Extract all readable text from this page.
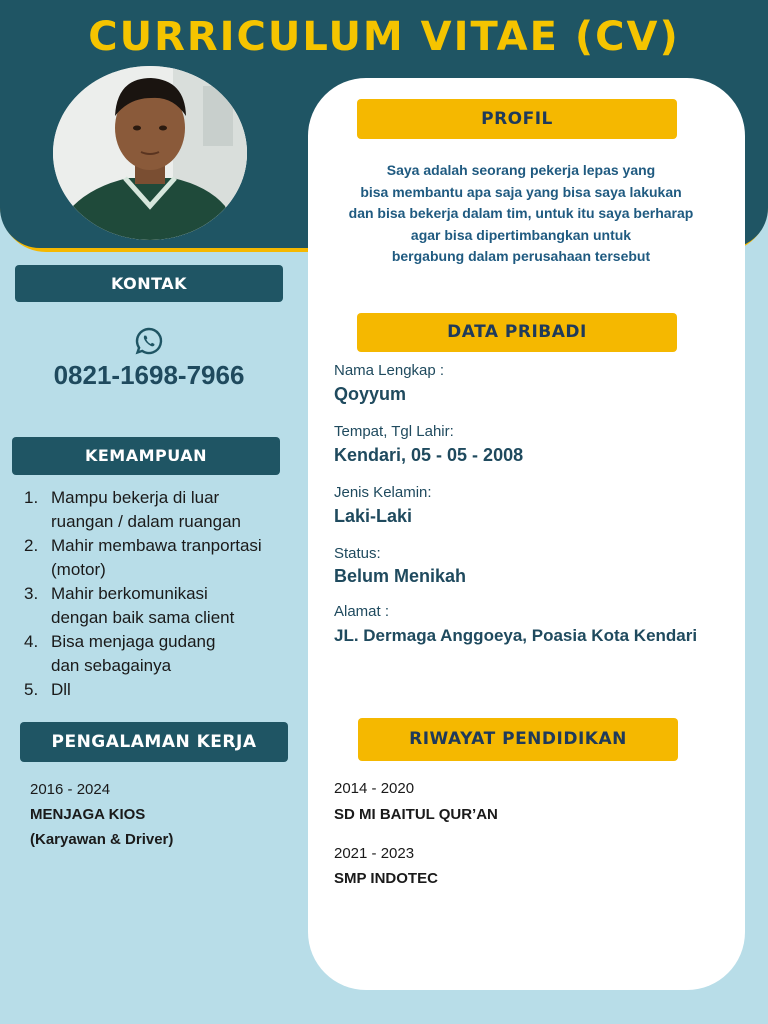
CURRICULUM VITAE (CV)
PROFIL
Saya adalah seorang pekerja lepas yang
bisa membantu apa saja yang bisa saya lakukan
dan bisa bekerja dalam tim, untuk itu saya berharap
agar bisa dipertimbangkan untuk
bergabung dalam perusahaan tersebut
KONTAK
0821-1698-7966
KEMAMPUAN
1. Mampu bekerja di luar
ruangan / dalam ruangan
2. Mahir membawa tranportasi
(motor)
3. Mahir berkomunikasi
dengan baik sama client
4. Bisa menjaga gudang
dan sebagainya
5. Dll
PENGALAMAN KERJA
2016 - 2024
MENJAGA KIOS
(Karyawan & Driver)
DATA PRIBADI
Nama Lengkap :
Qoyyum
Tempat, Tgl Lahir:
Kendari, 05 - 05 - 2008
Jenis Kelamin:
Laki-Laki
Status:
Belum Menikah
Alamat :
JL. Dermaga Anggoeya, Poasia Kota Kendari
RIWAYAT PENDIDIKAN
2014 - 2020
SD MI BAITUL QUR’AN
2021 - 2023
SMP INDOTEC
